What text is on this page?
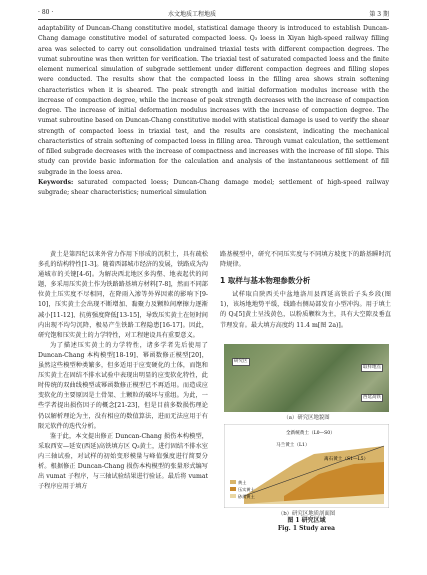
· 80 ·	水文地质工程地质	第 3 期

adaptability of Duncan-Chang constitutive model, statistical damage theory is introduced to establish Duncan-Chang damage constitutive model of saturated compacted loess. Q₃ loess in Xiyan high-speed railway filling area was selected to carry out consolidation undrained triaxial tests with different compaction degrees. The vumat subroutine was then written for verification. The triaxial test of saturated compacted loess and the finite element numerical simulation of subgrade settlement under different compaction degrees and filling slopes were conducted. The results show that the compacted loess in the filling area shows strain softening characteristics when it is sheared. The peak strength and initial deformation modulus increase with the increase of compaction degree, while the increase of peak strength decreases with the increase of compaction degree. The increase of initial deformation modulus increases with the increase of compaction degree. The vumat subroutine based on Duncan-Chang constitutive model with statistical damage is used to verify the shear strength of compacted loess in triaxial test, and the results are consistent, indicating the mechanical characteristics of strain softening of compacted loess in filling area. Through vumat calculation, the settlement of filled subgrade decreases with the increase of compactness and increases with the increase of fill slope. This study can provide basic information for the calculation and analysis of the instantaneous settlement of fill subgrade in the loess area.

Keywords: saturated compacted loess; Duncan-Chang damage model; settlement of high-speed railway subgrade; shear characteristics; numerical simulation

黄土是第四纪以来外营力作用下形成的沉积土，具有疏松多孔的结构特性[1-3]。随着西部城市经济的发展，铁路成为沟通城市的关键[4-6]。为解决西北地区多沟壑、地表起伏的问题，多采用压实黄土作为铁路路基填方材料[7-8]，然而不同部位黄土压实度不尽相同，在降雨入渗等外界因素的影响下[9-10]，压实黄土会出现不断增加、黏聚力及颗粒间摩擦力逐渐减小[11-12]、抗剪强度降低[13-15]，导致压实黄土在短时间内出现不均匀沉降，极易产生铁路工程隐患[16-17]。因此，研究饱和压实黄土的力学特性，对工程建设具有重要意义。

为了描述压实黄土的力学特性，诸多学者先后使用了 Duncan-Chang 本构模型[18-19]、幂函数修正模型[20]，虽然这些模型种类繁多，但多适用于应变硬化的土体，而饱和压实黄土在固结不排水试验中表现出明显的应变软化特性，此时传统的双曲线模型或幂函数修正模型已不再适用。而造成应变软化的主要原因是土骨架、土颗粒的破坏与重组。为此，一些学者提出损伤因子的概念[21-23]，但是目前多数损伤理论仍以解析理论为主，没有相应的数值算法，进而无法应用于有限元软件的迭代分析。

鉴于此，本文提出修正 Duncan-Chang 损伤本构模型，采取西安—延安(西延)高铁填方区 Q₃黄土，进行固结不排水室内三轴试验，对试样的初始变形模量与峰值强度进行简要分析。根据修正 Duncan-Chang 损伤本构模型的张量形式编写出 vumat 子程序，与三轴试验结果进行验证。最后将 vumat 子程序应用于填方

路基模型中，研究不同压实度与不同填方坡度下的路基瞬时沉降规律。

1 取样与基本物理参数分析

试样取自陕西关中盆地洛川县西延高铁后子头乡段(图 1)，该场地地势平缓，线路右侧局部发育小型冲沟。用于填土的 Q₃[5]黄土呈浅黄色，以粉质颗粒为主，具有大空隙及垂直节理发育。最大填方高度约 11.4 m[图 2a)]。

研究区
取样地点
西延高铁
（a）研究区地貌图
全新统黄土（L0—S0）
马兰黄土（L1）
离石黄土（S1—L5）
黄土
压实黄土
砂质黄土
（b）研究区地质剖面图
图 1 研究区域
Fig. 1 Study area
